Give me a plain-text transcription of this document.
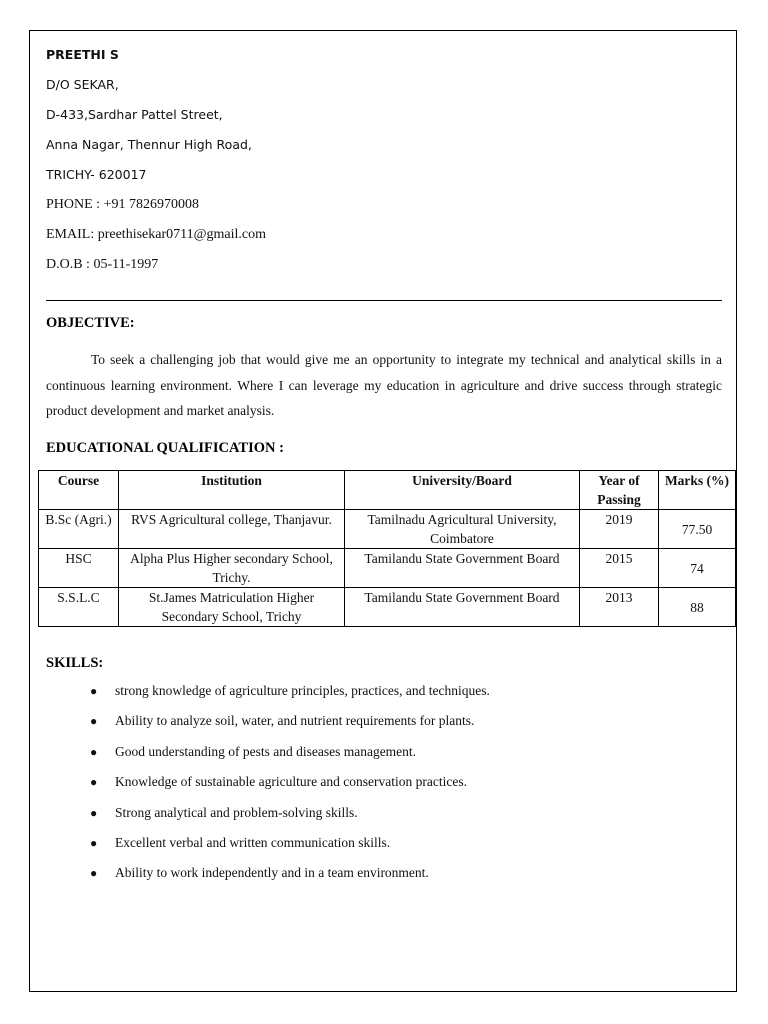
PREETHI S
D/O SEKAR,
D-433,Sardhar Pattel Street,
Anna Nagar, Thennur High Road,
TRICHY- 620017
PHONE : +91 7826970008
EMAIL: preethisekar0711@gmail.com
D.O.B : 05-11-1997
OBJECTIVE:
To seek a challenging job that would give me an opportunity to integrate my technical and analytical skills in a continuous learning environment. Where I can leverage my education in agriculture and drive success through strategic product development and market analysis.
EDUCATIONAL QUALIFICATION :
Course	Institution	University/Board	Year of Passing	Marks (%)
B.Sc (Agri.)	RVS Agricultural college, Thanjavur.	Tamilnadu Agricultural University, Coimbatore	2019	77.50
HSC	Alpha Plus Higher secondary School, Trichy.	Tamilandu State Government Board	2015	74
S.S.L.C	St.James Matriculation Higher Secondary School, Trichy	Tamilandu State Government Board	2013	88
SKILLS:
● strong knowledge of agriculture principles, practices, and techniques.
● Ability to analyze soil, water, and nutrient requirements for plants.
● Good understanding of pests and diseases management.
● Knowledge of sustainable agriculture and conservation practices.
● Strong analytical and problem-solving skills.
● Excellent verbal and written communication skills.
● Ability to work independently and in a team environment.
